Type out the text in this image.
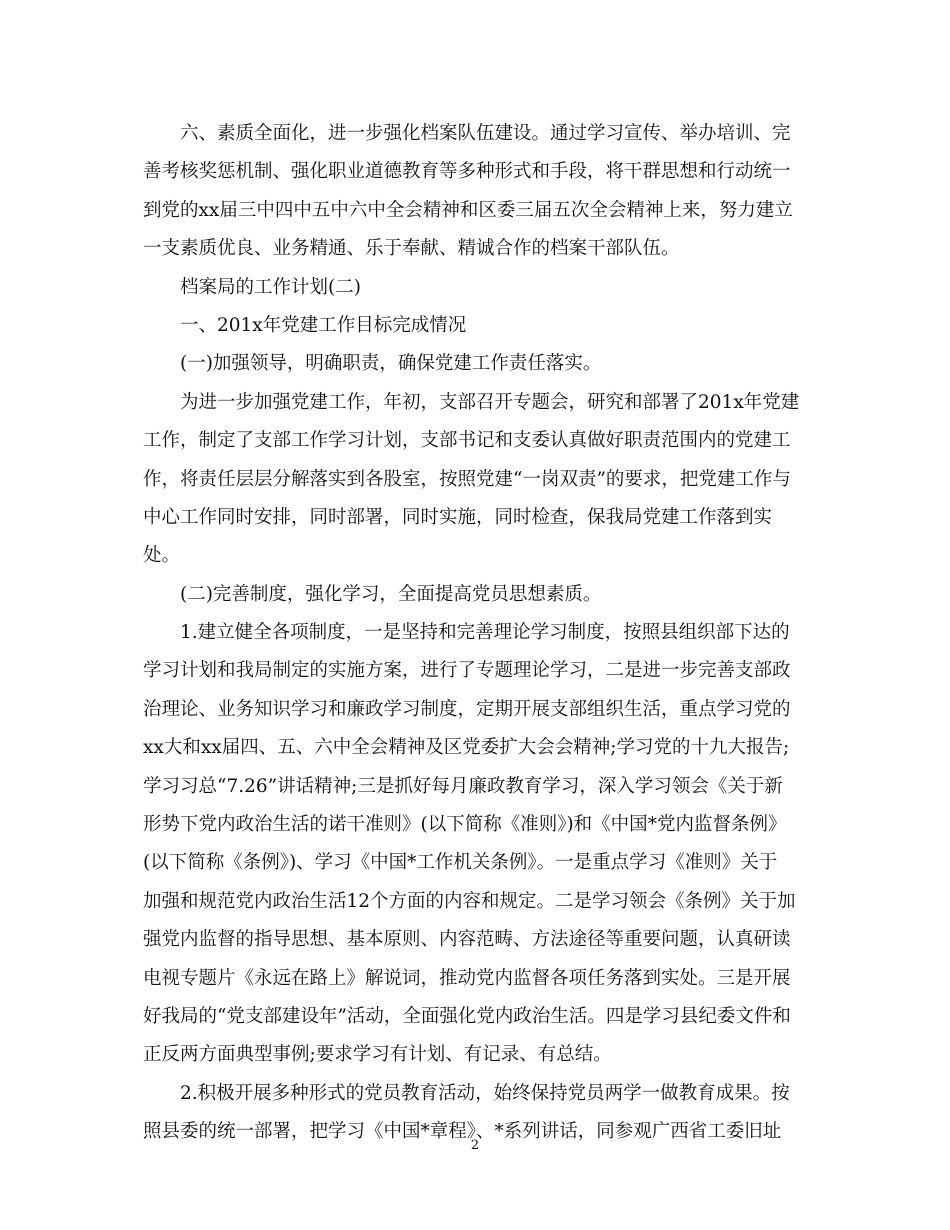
六、素质全面化，进一步强化档案队伍建设。通过学习宣传、举办培训、完
善考核奖惩机制、强化职业道德教育等多种形式和手段，将干群思想和行动统一
到党的xx届三中四中五中六中全会精神和区委三届五次全会精神上来，努力建立
一支素质优良、业务精通、乐于奉献、精诚合作的档案干部队伍。
档案局的工作计划(二)
一、201x年党建工作目标完成情况
(一)加强领导，明确职责，确保党建工作责任落实。
为进一步加强党建工作，年初，支部召开专题会，研究和部署了201x年党建
工作，制定了支部工作学习计划，支部书记和支委认真做好职责范围内的党建工
作，将责任层层分解落实到各股室，按照党建“一岗双责”的要求，把党建工作与
中心工作同时安排，同时部署，同时实施，同时检查，保我局党建工作落到实
处。
(二)完善制度，强化学习，全面提高党员思想素质。
1.建立健全各项制度，一是坚持和完善理论学习制度，按照县组织部下达的
学习计划和我局制定的实施方案，进行了专题理论学习，二是进一步完善支部政
治理论、业务知识学习和廉政学习制度，定期开展支部组织生活，重点学习党的
xx大和xx届四、五、六中全会精神及区党委扩大会会精神;学习党的十九大报告;
学习习总“7.26”讲话精神;三是抓好每月廉政教育学习，深入学习领会《关于新
形势下党内政治生活的诺干准则》(以下简称《准则》)和《中国*党内监督条例》
(以下简称《条例》)、学习《中国*工作机关条例》。一是重点学习《准则》关于
加强和规范党内政治生活12个方面的内容和规定。二是学习领会《条例》关于加
强党内监督的指导思想、基本原则、内容范畴、方法途径等重要问题，认真研读
电视专题片《永远在路上》解说词，推动党内监督各项任务落到实处。三是开展
好我局的“党支部建设年”活动，全面强化党内政治生活。四是学习县纪委文件和
正反两方面典型事例;要求学习有计划、有记录、有总结。
2.积极开展多种形式的党员教育活动，始终保持党员两学一做教育成果。按
照县委的统一部署，把学习《中国*章程》、*系列讲话，同参观广西省工委旧址
2
